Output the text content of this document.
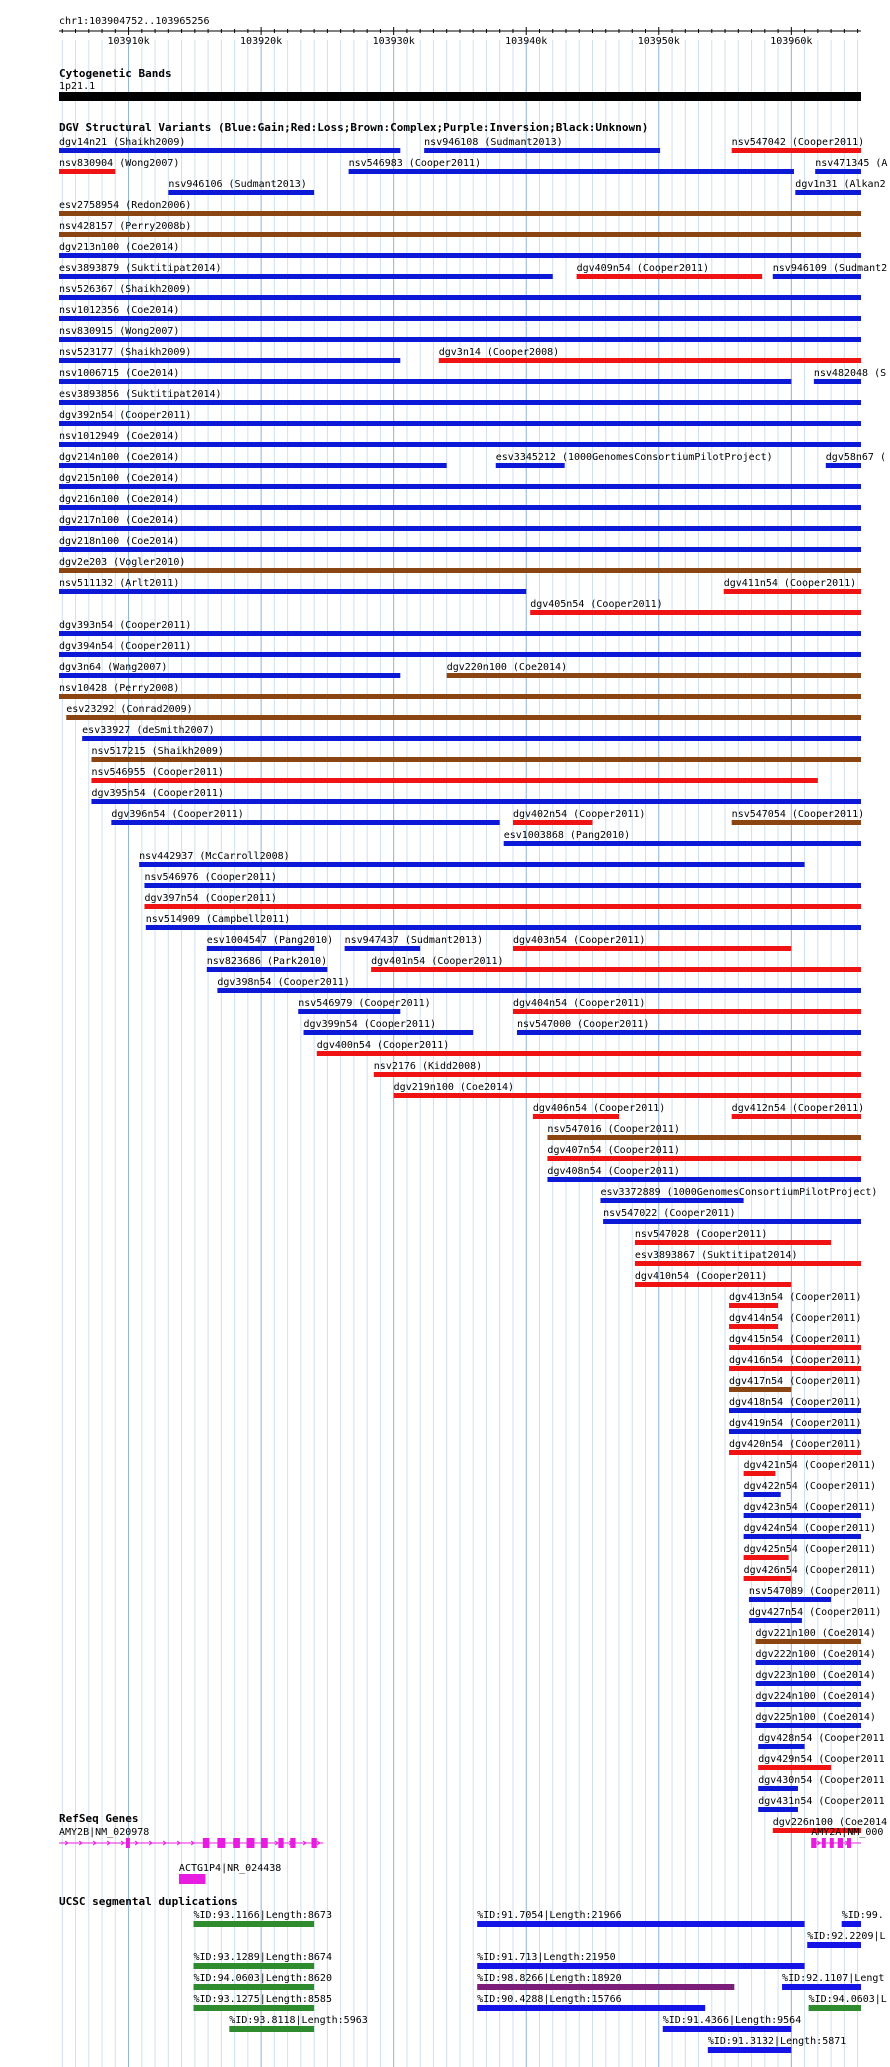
chr1:103904752..103965256
103910k	103920k	103930k	103940k	103950k	103960k
Cytogenetic Bands
1p21.1
DGV Structural Variants (Blue:Gain;Red:Loss;Brown:Complex;Purple:Inversion;Black:Unknown)
dgv14n21 (Shaikh2009)	nsv946108 (Sudmant2013)	nsv547042 (Cooper2011)
nsv830904 (Wong2007)
nsv946106 (Sudmant2013)
nsv546983 (Cooper2011)
dgv1n31 (Alkan2
esv2758954 (Redon2006)
nsv428157 (Perry2008b)
dgv213n100 (Coe2014)
esv3893879 (Suktitipat2014)	dgv409n54 (Cooper2011)
nsv526367 (Shaikh2009)
nsv1012356 (Coe2014)
nsv830915 (Wong2007)
nsv523177 (Shaikh2009)	dgv3n14 (Cooper2008)
nsv1006715 (Coe2014)
nsv471345 (A
esv3893856 (Suktitipat2014)
dgv392n54 (Cooper2011)
nsv1012949 (Coe2014)
dgv214n100 (Coe2014)	esv3345212 (1000GenomesConsortiumPilotProject)
nsv946109 (Sudmant2
dgv215n100 (Coe2014)
dgv216n100 (Coe2014)
dgv217n100 (Coe2014)
dgv218n100 (Coe2014)
dgv2e203 (Vogler2010)
nsv511132 (Arlt2011)
dgv405n54 (Cooper2011)
dgv393n54 (Cooper2011)
nsv482048 (S
dgv394n54 (Cooper2011)
dgv3n64 (Wang2007)	dgv220n100 (Coe2014)
nsv10428 (Perry2008)
esv23292 (Conrad2009)
esv33927 (deSmith2007)
nsv517215 (Shaikh2009)
nsv546955 (Cooper2011)
dgv395n54 (Cooper2011)
dgv396n54 (Cooper2011)
esv1003868 (Pang2010)
nsv442937 (McCarroll2008)
dgv58n67 (
nsv546976 (Cooper2011)
dgv397n54 (Cooper2011)
nsv514909 (Campbell2011)
esv1004547 (Pang2010) nsv947437 (Sudmant2013)
dgv402n54 (Cooper2011)
dgv411n54 (Cooper2011)
nsv823686 (Park2010)	dgv401n54 (Cooper2011)
dgv398n54 (Cooper2011)
nsv546979 (Cooper2011)
dgv403n54 (Cooper2011)
dgv399n54 (Cooper2011)
dgv404n54 (Cooper2011)
dgv400n54 (Cooper2011)
nsv2176 (Kidd2008)
dgv219n100 (Coe2014)
nsv547000 (Cooper2011)
nsv547054 (Cooper2011)
dgv406n54 (Cooper2011)	dgv412n54 (Cooper2011)
nsv547016 (Cooper2011)
dgv407n54 (Cooper2011)
dgv408n54 (Cooper2011)
esv3372889 (1000GenomesConsortiumPilotProject)
nsv547022 (Cooper2011)
nsv547028 (Cooper2011)
esv3893867 (Suktitipat2014)
dgv410n54 (Cooper2011)
dgv413n54 (Cooper2011)
dgv414n54 (Cooper2011)
dgv415n54 (Cooper2011)
dgv416n54 (Cooper2011)
dgv417n54 (Cooper2011)
dgv418n54 (Cooper2011)
dgv419n54 (Cooper2011)
dgv420n54 (Cooper2011)
dgv421n54 (Cooper2011)
dgv422n54 (Cooper2011)
dgv423n54 (Cooper2011)
dgv424n54 (Cooper2011)
dgv425n54 (Cooper2011)
dgv426n54 (Cooper2011)
nsv547089 (Cooper2011)
dgv427n54 (Cooper2011)
dgv221n100 (Coe2014)
dgv222n100 (Coe2014)
dgv223n100 (Coe2014)
dgv224n100 (Coe2014)
dgv225n100 (Coe2014)
dgv428n54 (Cooper2011
dgv429n54 (Cooper2011
dgv430n54 (Cooper2011
dgv431n54 (Cooper2011
dgv226n100 (Coe2014
RefSeq Genes
AMY2B|NM_020978
ACTG1P4|NR_024438
AMY2A|NM_000
UCSC segmental duplications
%ID:93.1166|Length:8673	%ID:91.7054|Length:21966
%ID:92.2209|L
%ID:93.1289|Length:8674	%ID:91.713|Length:21950
%ID:99.
%ID:94.0603|Length:8620	%ID:98.8266|Length:18920	%ID:92.1107|Lengt
%ID:93.1275|Length:8585	%ID:90.4288|Length:15766	%ID:94.0603|L
%ID:93.8118|Length:5963	%ID:91.4366|Length:9564
%ID:91.3132|Length:5871
